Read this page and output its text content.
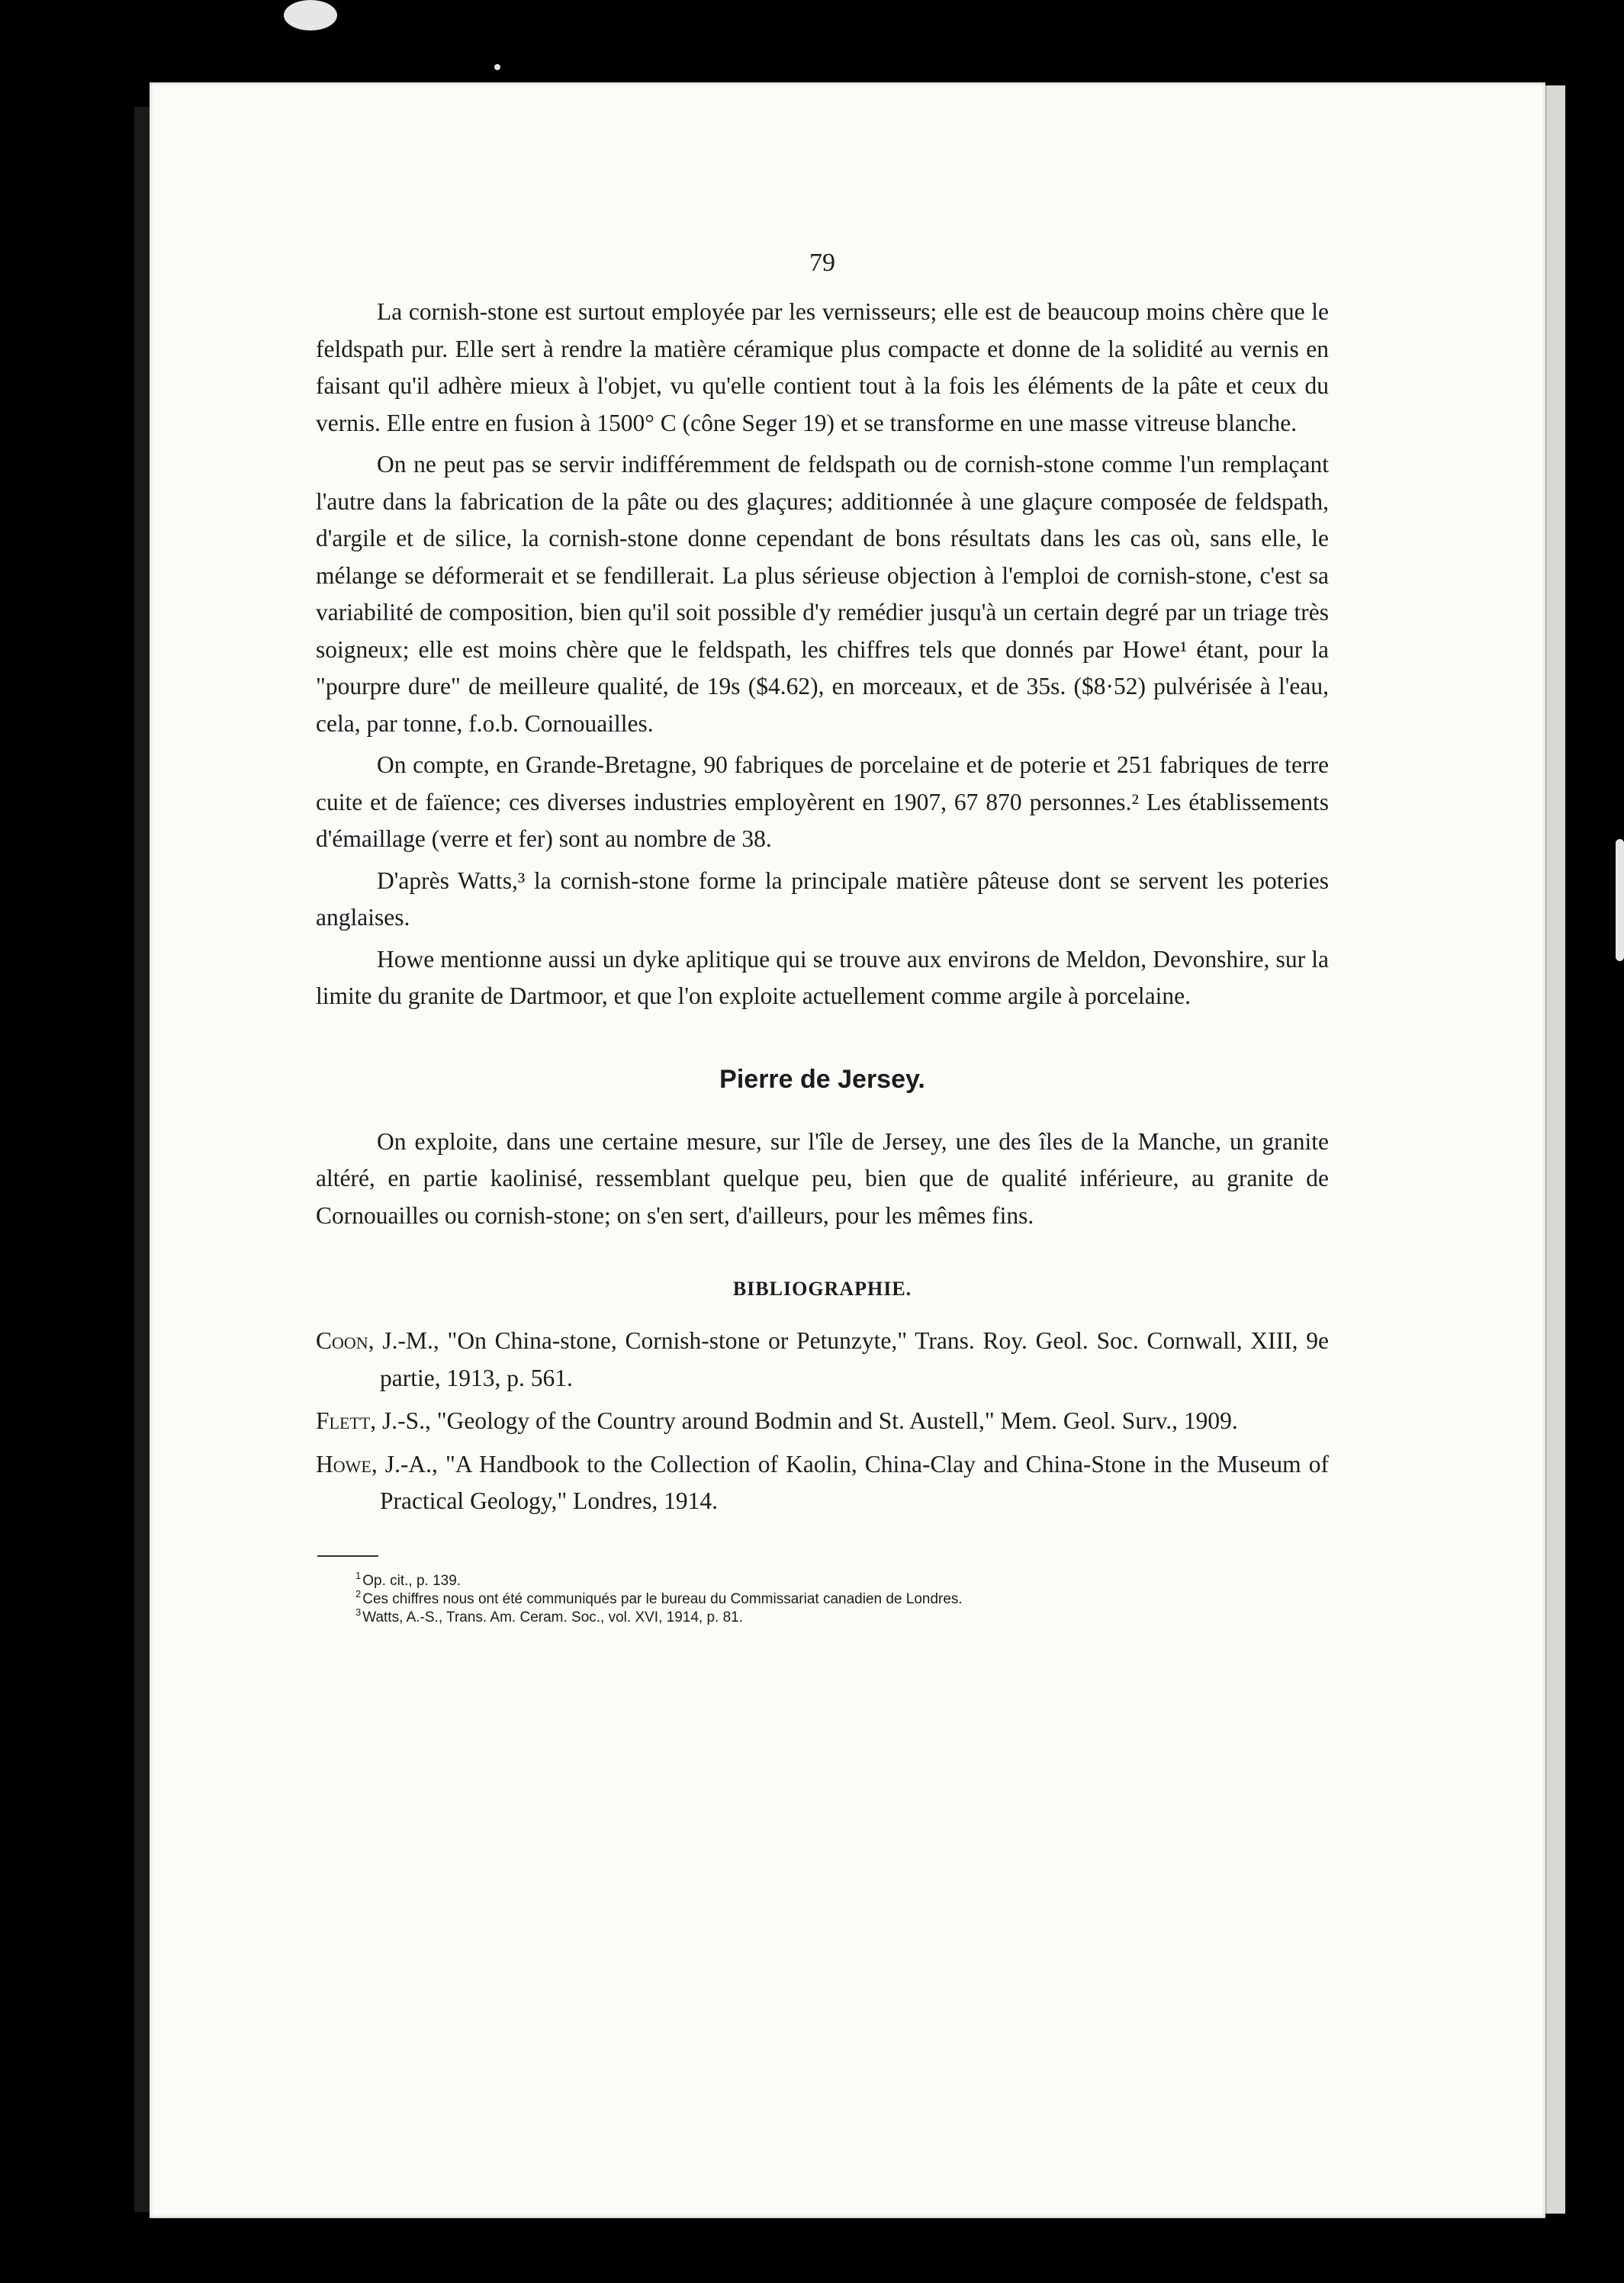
79

La cornish-stone est surtout employée par les vernisseurs; elle est de beaucoup moins chère que le feldspath pur. Elle sert à rendre la matière céramique plus compacte et donne de la solidité au vernis en faisant qu'il adhère mieux à l'objet, vu qu'elle contient tout à la fois les éléments de la pâte et ceux du vernis. Elle entre en fusion à 1500° C (cône Seger 19) et se transforme en une masse vitreuse blanche.

On ne peut pas se servir indifféremment de feldspath ou de cornish-stone comme l'un remplaçant l'autre dans la fabrication de la pâte ou des glaçures; additionnée à une glaçure composée de feldspath, d'argile et de silice, la cornish-stone donne cependant de bons résultats dans les cas où, sans elle, le mélange se déformerait et se fendillerait. La plus sérieuse objection à l'emploi de cornish-stone, c'est sa variabilité de composition, bien qu'il soit possible d'y remédier jusqu'à un certain degré par un triage très soigneux; elle est moins chère que le feldspath, les chiffres tels que donnés par Howe¹ étant, pour la "pourpre dure" de meilleure qualité, de 19s ($4.62), en morceaux, et de 35s. ($8·52) pulvérisée à l'eau, cela, par tonne, f.o.b. Cornouailles.

On compte, en Grande-Bretagne, 90 fabriques de porcelaine et de poterie et 251 fabriques de terre cuite et de faïence; ces diverses industries employèrent en 1907, 67 870 personnes.² Les établissements d'émaillage (verre et fer) sont au nombre de 38.

D'après Watts,³ la cornish-stone forme la principale matière pâteuse dont se servent les poteries anglaises.

Howe mentionne aussi un dyke aplitique qui se trouve aux environs de Meldon, Devonshire, sur la limite du granite de Dartmoor, et que l'on exploite actuellement comme argile à porcelaine.

Pierre de Jersey.

On exploite, dans une certaine mesure, sur l'île de Jersey, une des îles de la Manche, un granite altéré, en partie kaolinisé, ressemblant quelque peu, bien que de qualité inférieure, au granite de Cornouailles ou cornish-stone; on s'en sert, d'ailleurs, pour les mêmes fins.

BIBLIOGRAPHIE.

Coon, J.-M., "On China-stone, Cornish-stone or Petunzyte," Trans. Roy. Geol. Soc. Cornwall, XIII, 9e partie, 1913, p. 561.

Flett, J.-S., "Geology of the Country around Bodmin and St. Austell," Mem. Geol. Surv., 1909.

Howe, J.-A., "A Handbook to the Collection of Kaolin, China-Clay and China-Stone in the Museum of Practical Geology," Londres, 1914.

$^1$ Op. cit., p. 139.

$^2$ Ces chiffres nous ont été communiqués par le bureau du Commissariat canadien de Londres.

$^3$ Watts, A.-S., Trans. Am. Ceram. Soc., vol. XVI, 1914, p. 81.
